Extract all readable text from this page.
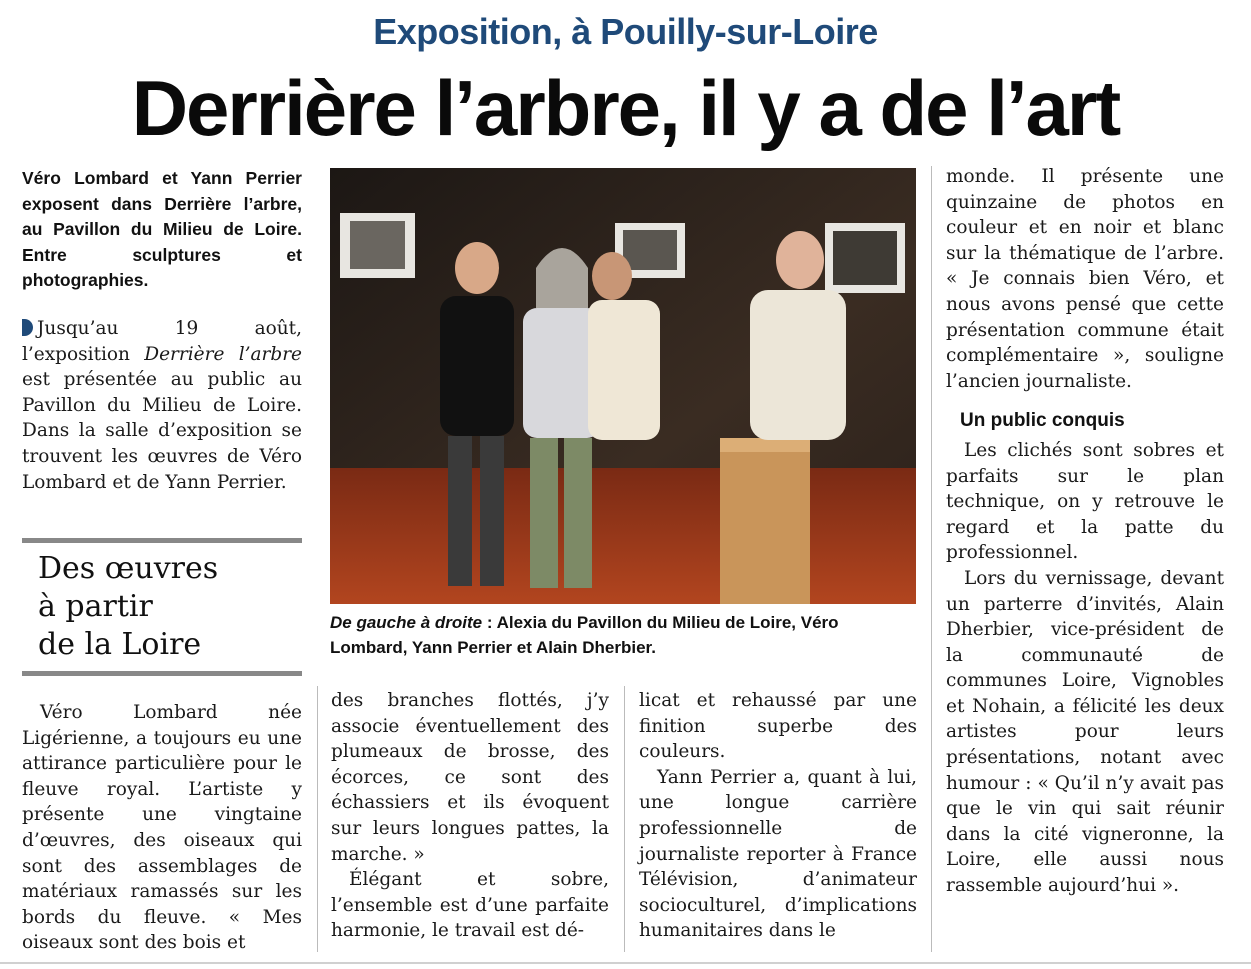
Exposition, à Pouilly-sur-Loire
Derrière l’arbre, il y a de l’art
Véro Lombard et Yann Perrier exposent dans Derrière l’arbre, au Pavillon du Milieu de Loire. Entre sculptures et photographies.

Jusqu’au 19 août, l’exposition Derrière l’arbre est présentée au public au Pavillon du Milieu de Loire. Dans la salle d’exposition se trouvent les œuvres de Véro Lombard et de Yann Perrier.

Des œuvres
à partir
de la Loire

Véro Lombard née Ligérienne, a toujours eu une attirance particulière pour le fleuve royal. L’artiste y présente une vingtaine d’œuvres, des oiseaux qui sont des assemblages de matériaux ramassés sur les bords du fleuve. « Mes oiseaux sont des bois et

des branches flottés, j’y associe éventuellement des plumeaux de brosse, des écorces, ce sont des échassiers et ils évoquent sur leurs longues pattes, la marche. »

Élégant et sobre, l’ensemble est d’une parfaite harmonie, le travail est dé-

licat et rehaussé par une finition superbe des couleurs.

Yann Perrier a, quant à lui, une longue carrière professionnelle de journaliste reporter à France Télévision, d’animateur socioculturel, d’implications humanitaires dans le

monde. Il présente une quinzaine de photos en couleur et en noir et blanc sur la thématique de l’arbre. « Je connais bien Véro, et nous avons pensé que cette présentation commune était complémentaire », souligne l’ancien journaliste.

Un public conquis

Les clichés sont sobres et parfaits sur le plan technique, on y retrouve le regard et la patte du professionnel.

Lors du vernissage, devant un parterre d’invités, Alain Dherbier, vice-président de la communauté de communes Loire, Vignobles et Nohain, a félicité les deux artistes pour leurs présentations, notant avec humour : « Qu’il n’y avait pas que le vin qui sait réunir dans la cité vigneronne, la Loire, elle aussi nous rassemble aujourd’hui ».

De gauche à droite : Alexia du Pavillon du Milieu de Loire, Véro Lombard, Yann Perrier et Alain Dherbier.
